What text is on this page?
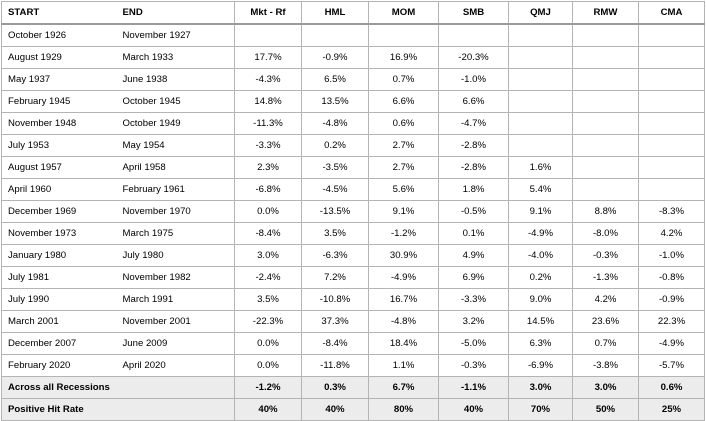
START	END	Mkt - Rf	HML	MOM	SMB	QMJ	RMW	CMA
October 1926	November 1927							
August 1929	March 1933	17.7%	-0.9%	16.9%	-20.3%			
May 1937	June 1938	-4.3%	6.5%	0.7%	-1.0%			
February 1945	October 1945	14.8%	13.5%	6.6%	6.6%			
November 1948	October 1949	-11.3%	-4.8%	0.6%	-4.7%			
July 1953	May 1954	-3.3%	0.2%	2.7%	-2.8%			
August 1957	April 1958	2.3%	-3.5%	2.7%	-2.8%	1.6%		
April 1960	February 1961	-6.8%	-4.5%	5.6%	1.8%	5.4%		
December 1969	November 1970	0.0%	-13.5%	9.1%	-0.5%	9.1%	8.8%	-8.3%
November 1973	March 1975	-8.4%	3.5%	-1.2%	0.1%	-4.9%	-8.0%	4.2%
January 1980	July 1980	3.0%	-6.3%	30.9%	4.9%	-4.0%	-0.3%	-1.0%
July 1981	November 1982	-2.4%	7.2%	-4.9%	6.9%	0.2%	-1.3%	-0.8%
July 1990	March 1991	3.5%	-10.8%	16.7%	-3.3%	9.0%	4.2%	-0.9%
March 2001	November 2001	-22.3%	37.3%	-4.8%	3.2%	14.5%	23.6%	22.3%
December 2007	June 2009	0.0%	-8.4%	18.4%	-5.0%	6.3%	0.7%	-4.9%
February 2020	April 2020	0.0%	-11.8%	1.1%	-0.3%	-6.9%	-3.8%	-5.7%
Across all Recessions		-1.2%	0.3%	6.7%	-1.1%	3.0%	3.0%	0.6%
Positive Hit Rate		40%	40%	80%	40%	70%	50%	25%
